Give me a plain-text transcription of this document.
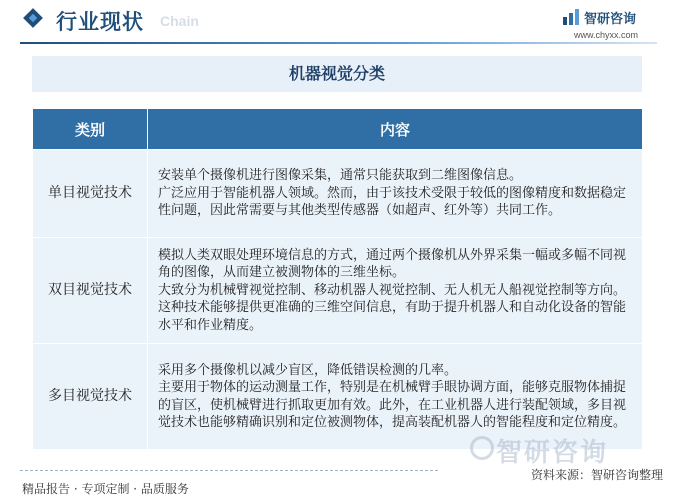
行业现状 Chain	智研咨询
www.chyxx.com
机器视觉分类
类别	内容
单目视觉技术	安装单个摄像机进行图像采集，通常只能获取到二维图像信息。
广泛应用于智能机器人领域。然而，由于该技术受限于较低的图像精度和数据稳定性问题，因此常需要与其他类型传感器（如超声、红外等）共同工作。

双目视觉技术	模拟人类双眼处理环境信息的方式，通过两个摄像机从外界采集一幅或多幅不同视角的图像，从而建立被测物体的三维坐标。
大致分为机械臂视觉控制、移动机器人视觉控制、无人机无人船视觉控制等方向。这种技术能够提供更准确的三维空间信息，有助于提升机器人和自动化设备的智能水平和作业精度。

多目视觉技术	采用多个摄像机以减少盲区，降低错误检测的几率。
主要用于物体的运动测量工作，特别是在机械臂手眼协调方面，能够克服物体捕捉的盲区，使机械臂进行抓取更加有效。此外，在工业机器人进行装配领域，多目视觉技术也能够精确识别和定位被测物体，提高装配机器人的智能程度和定位精度。
智研咨询
资料来源：智研咨询整理
精品报告 · 专项定制 · 品质服务
